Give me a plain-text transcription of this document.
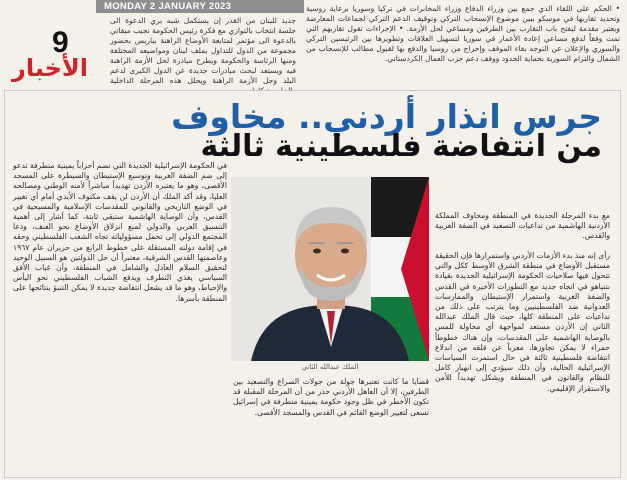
MONDAY 2 JANUARY 2023
9
الأخبار
جديد للبنان من القدر إن يستكمل شبه بري الدعوة الى جلسة انتخاب بالتوازي مع فكرة رئيس الحكومة نجيب ميقاتي بالدعوة الى مؤتمر لمتابعة الأوضاع الراهنة بباريس بحضور مجموعة من الدول للتداول بملف لبنان ومواضيعه المختلفة ومنها الرئاسة والحكومة ويطرح مبادرة لحل الأزمة الراهنة فيه ويستعد لبحث مبادرات جديدة عن الدول الكبرى لدعم البلد وحل الأزمة الراهنة ويحلل هذه المرحلة الداخلية
• الحكم على اللقاء الذي جمع بين وزراء الدفاع وزراء المخابرات في تركيا وسوريا برعاية روسية وتحديد تقاربها في موسكو ببين موضوع الإنسحاب التركي وتوقيف الدعم التركي لجماعات المعارضة ويعتبر مقدمة ليفتح باب التقارب بين الطرفين ومساعي لحل الأزمة. • الإجراءات تقول تقاربهم التي تمت وفقاً لدفع مساعي إعادة الأعمار في سوريا لتسهيل العلاقات وتطويرها بين الرئيسين التركي والسوري والإعلان عن التوجه بقاء الموقف وإحراج من روسيا والدفع بها لقبول مطالب للإنسحاب من الشمال والتزام السورية بحماية الحدود ووقف دعم حزب العمال الكردستاني.
جرس انذار أردني.. مخاوف
من انتفاضة فلسطينية ثالثة
مع بدء المرحلة الجديدة في المنطقة ومخاوف المملكة الأردنية الهاشمية من تداعيات التصعيد في الضفة الغربية والقدس.
رأى إنه منذ بدء الأزمات الأردني واستمرارها فإن الحقيقة مستقبل الأوضاع في منطقة الشرق الأوسط ككل والتي تتحول فيها صلاحيات الحكومة الإسرائيلية الجديدة بقيادة نتنياهو في اتجاه جديد مع التطورات الأخيرة في القدس والضفة الغربية واستمرار الإستيطان والممارسات العدوانية ضد الفلسطينيين وما يترتب على ذلك من تداعيات على المنطقة كلها، حيث قال الملك عبدالله الثاني إن الأردن مستعد لمواجهة أي محاولة للمس بالوصاية الهاشمية على المقدسات، وإن هناك خطوطاً حمراء لا يمكن تجاوزها، معرباً عن قلقه من اندلاع انتفاضة فلسطينية ثالثة في حال استمرت السياسات الإسرائيلية الحالية، وأن ذلك سيؤدي إلى انهيار كامل للنظام والقانون في المنطقة ويشكل تهديداً للأمن والاستقرار الإقليمي.
الملك عبدالله الثاني
قضايا ما كانت تعتبرها جولة من جولات الصراع والتصعيد بين الطرفين، إلا أن العاهل الأردني حذر من أن المرحلة المقبلة قد تكون الأخطر في ظل وجود حكومة يمينية متطرفة في إسرائيل تسعى لتغيير الوضع القائم في القدس والمسجد الأقصى.
في الحكومة الإسرائيلية الجديدة التي تضم أحزاباً يمينية متطرفة تدعو إلى ضم الضفة الغربية وتوسيع الإستيطان والسيطرة على المسجد الأقصى، وهو ما يعتبره الأردن تهديداً مباشراً لأمنه الوطني ومصالحه العليا، وقد أكد الملك أن الأردن لن يقف مكتوف الأيدي أمام أي تغيير في الوضع التاريخي والقانوني للمقدسات الإسلامية والمسيحية في القدس، وأن الوصاية الهاشمية ستبقى ثابتة، كما أشار إلى أهمية التنسيق العربي والدولي لمنع انزلاق الأوضاع نحو العنف، ودعا المجتمع الدولي إلى تحمل مسؤولياته تجاه الشعب الفلسطيني وحقه في إقامة دولته المستقلة على خطوط الرابع من حزيران عام ١٩٦٧ وعاصمتها القدس الشرقية، معتبراً أن حل الدولتين هو السبيل الوحيد لتحقيق السلام العادل والشامل في المنطقة، وأن غياب الأفق السياسي يغذي التطرف ويدفع الشباب الفلسطيني نحو اليأس والإحباط، وهو ما قد يشعل انتفاضة جديدة لا يمكن التنبؤ بنتائجها على المنطقة بأسرها.
